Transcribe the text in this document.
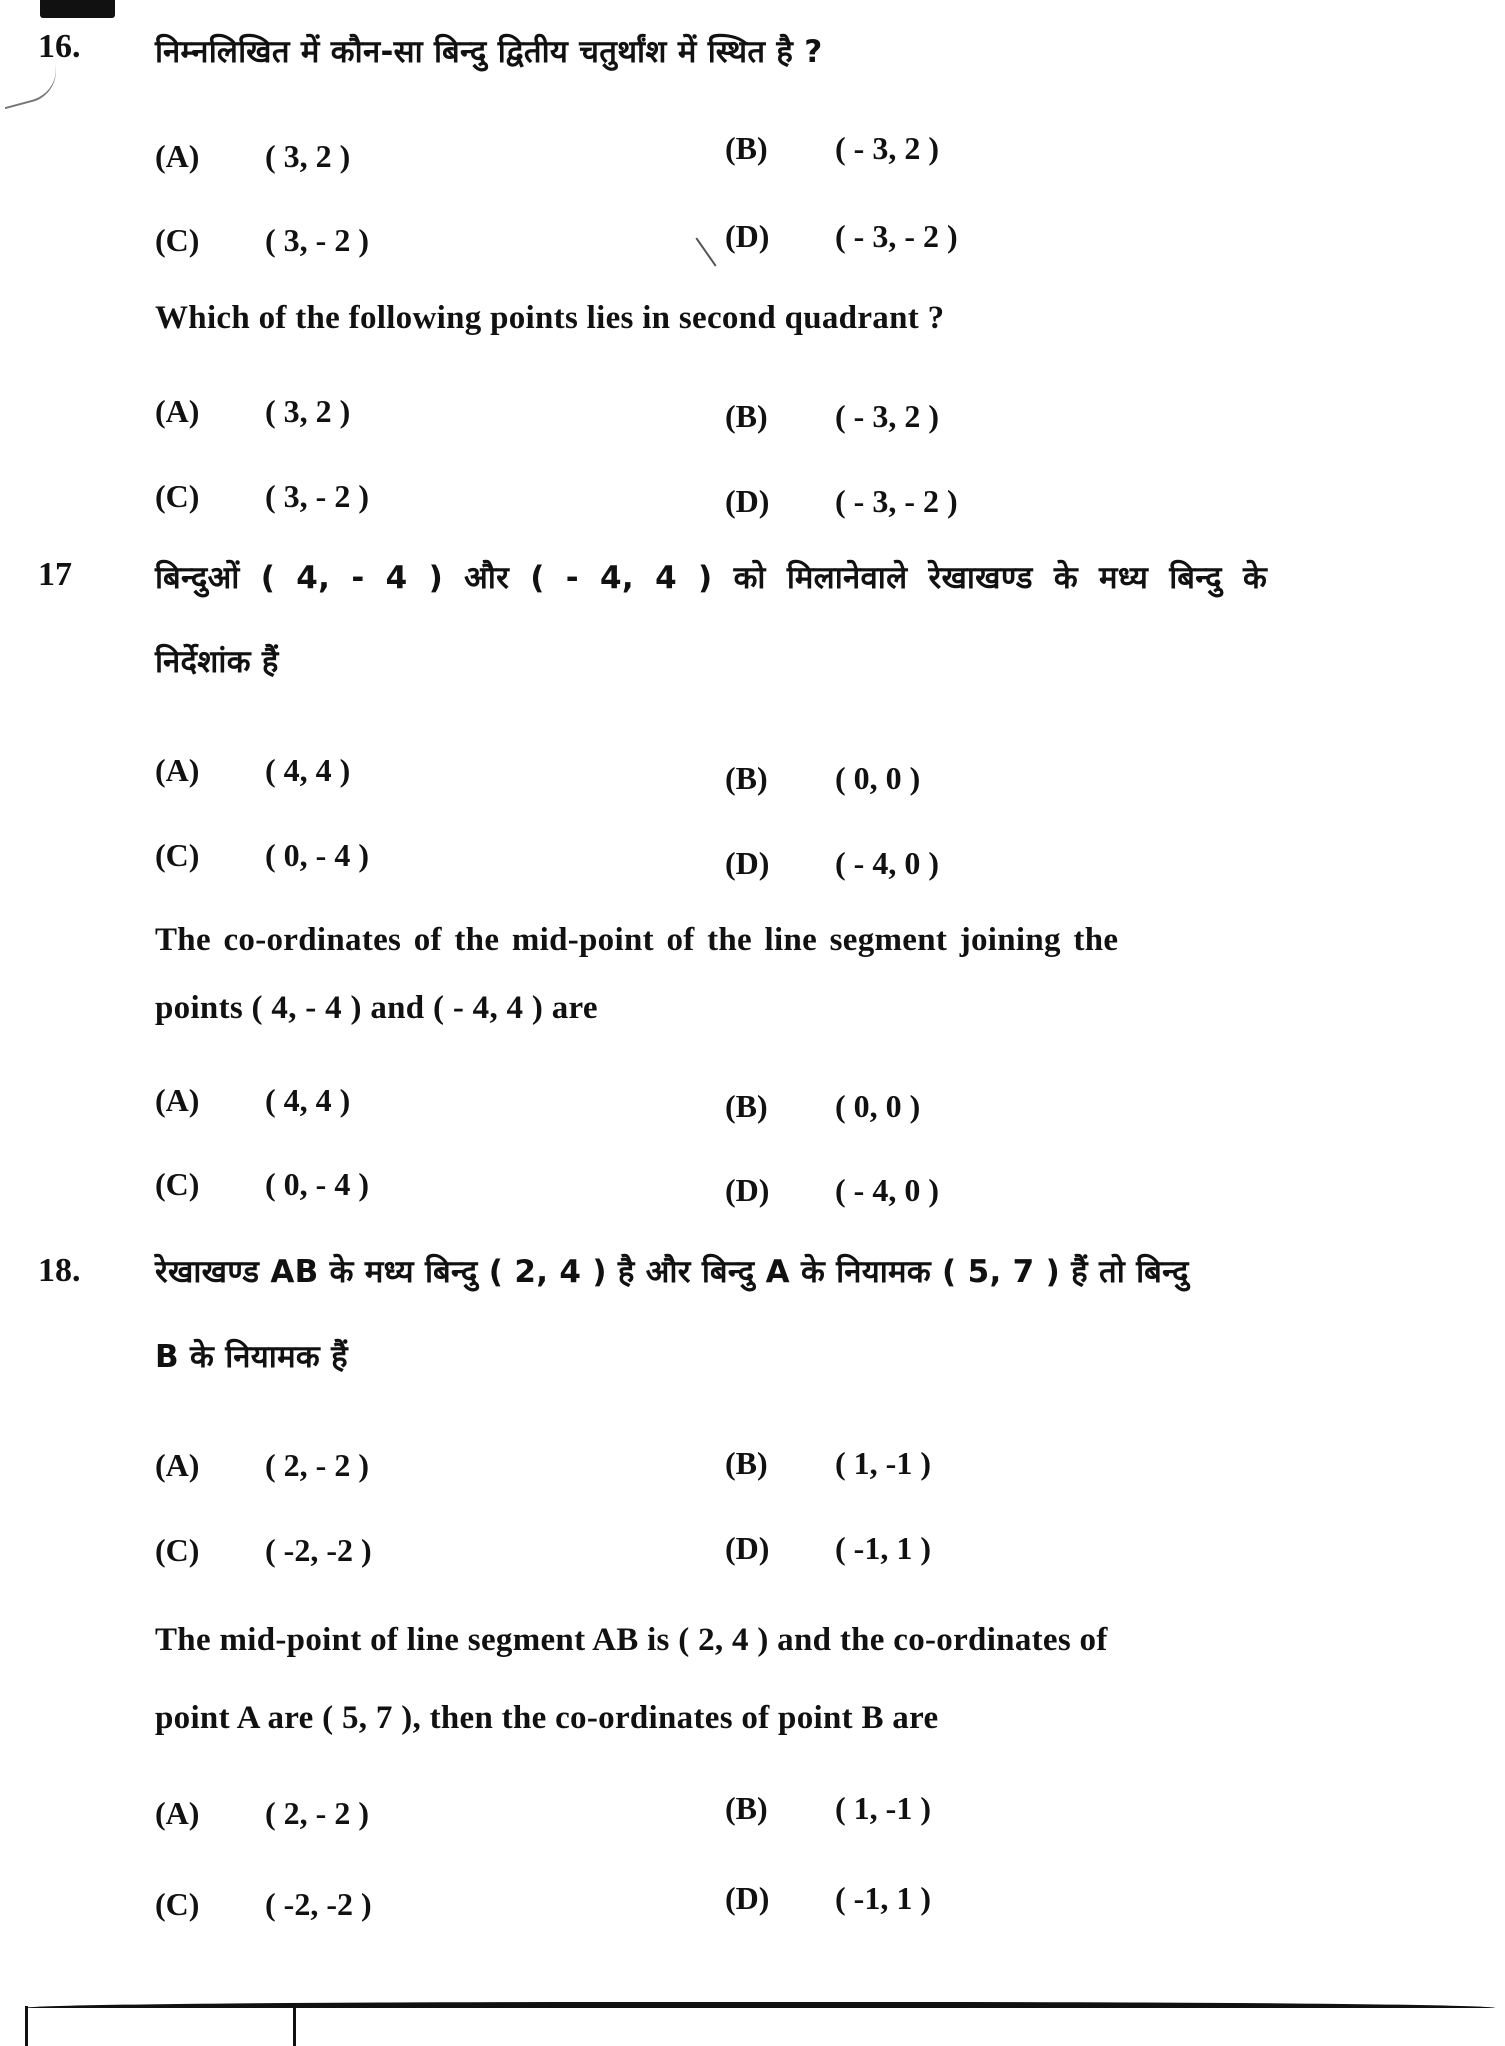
16. निम्नलिखित में कौन-सा बिन्दु द्वितीय चतुर्थांश में स्थित है ?
(A) ( 3, 2 )	(B) ( - 3, 2 )
(C) ( 3, - 2 )	(D) ( - 3, - 2 )
Which of the following points lies in second quadrant ?
(A) ( 3, 2 )	(B) ( - 3, 2 )
(C) ( 3, - 2 )	(D) ( - 3, - 2 )
17	बिन्दुओं ( 4, - 4 ) और ( - 4, 4 ) को मिलानेवाले रेखाखण्ड के मध्य बिन्दु के
निर्देशांक हैं
(A) ( 4, 4 )	(B) ( 0, 0 )
(C) ( 0, - 4 )	(D) ( - 4, 0 )
The co-ordinates of the mid-point of the line segment joining the
points ( 4, - 4 ) and ( - 4, 4 ) are
(A) ( 4, 4 )	(B) ( 0, 0 )
(C) ( 0, - 4 )	(D) ( - 4, 0 )
18. रेखाखण्ड AB के मध्य बिन्दु ( 2, 4 ) है और बिन्दु A के नियामक ( 5, 7 ) हैं तो बिन्दु
B के नियामक हैं
(A) ( 2, - 2 )	(B) ( 1, -1 )
(C) ( -2, -2 )	(D) ( -1, 1 )
The mid-point of line segment AB is ( 2, 4 ) and the co-ordinates of
point A are ( 5, 7 ), then the co-ordinates of point B are
(A) ( 2, - 2 )	(B) ( 1, -1 )
(C) ( -2, -2 )	(D) ( -1, 1 )
